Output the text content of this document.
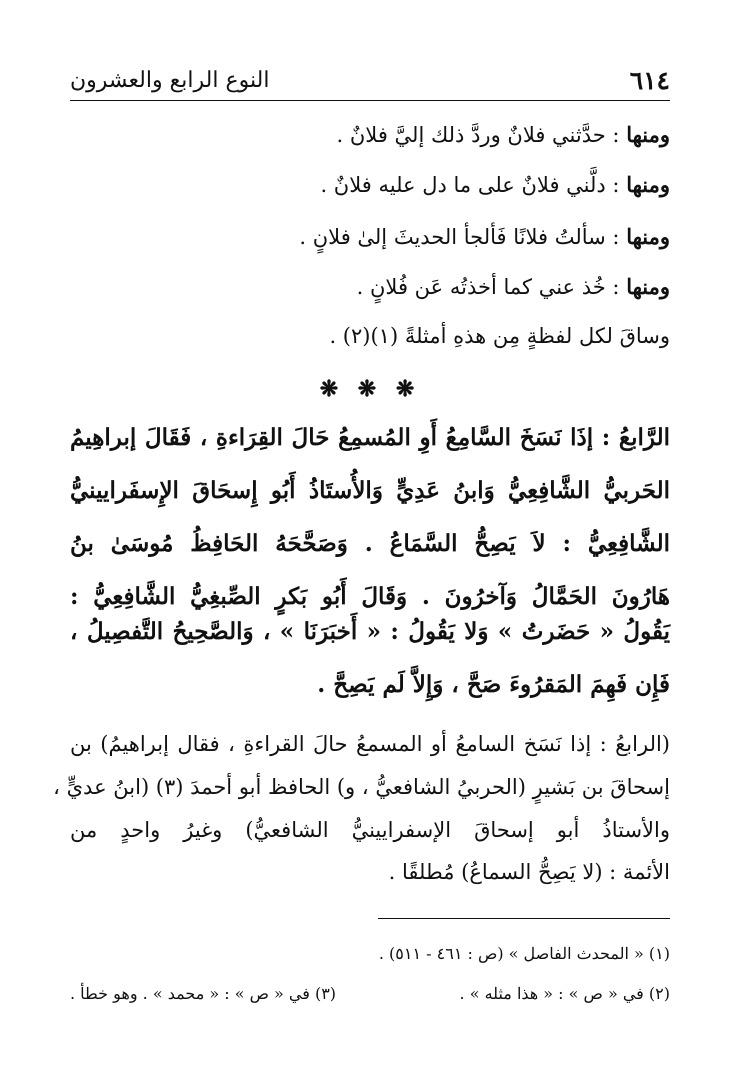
٦١٤
النوع الرابع والعشرون
ومنها : حدَّثني فلانٌ وردَّ ذلك إليَّ فلانٌ .
ومنها : دلَّني فلانٌ على ما دل عليه فلانٌ .
ومنها : سألتُ فلانًا فَألجأ الحديثَ إلىٰ فلانٍ .
ومنها : خُذ عني كما أخذتُه عَن فُلانٍ .
وساقَ لكل لفظةٍ مِن هذهِ أمثلةً (١)(٢) .
❋ ❋ ❋
الرَّابعُ : إذَا نَسَخَ السَّامِعُ أَوِ المُسمِعُ حَالَ القِرَاءةِ ، فَقَالَ إبراهِيمُ
الحَربيُّ الشَّافِعِيُّ وَابنُ عَدِيٍّ وَالأُستَاذُ أَبُو إِسحَاقَ الإِسفَرايينيُّ
الشَّافِعِيُّ : لاَ يَصِحُّ السَّمَاعُ . وَصَحَّحَهُ الحَافِظُ مُوسَىٰ بنُ
هَارُونَ الحَمَّالُ وَآخرُونَ . وَقَالَ أَبُو بَكرٍ الصِّبغِيُّ الشَّافِعِيُّ :
يَقُولُ « حَضَرتُ » وَلا يَقُولُ : « أَخبَرَنَا » ، وَالصَّحِيحُ التَّفصِيلُ ،
فَإِن فَهِمَ المَقرُوءَ صَحَّ ، وَإِلاَّ لَم يَصِحَّ .
(الرابعُ : إذا نَسَخ السامعُ أو المسمعُ حالَ القراءةِ ، فقال إبراهيمُ) بن
إسحاقَ بن بَشيرٍ (الحربيُ الشافعيُّ ، و) الحافظ أبو أحمدَ (٣) (ابنُ عديٍّ ،
والأستاذُ أبو إسحاقَ الإسفرايينيُّ الشافعيُّ) وغيرُ واحدٍ من
الأئمة : (لا يَصِحُّ السماعُ) مُطلقًا .
(١) « المحدث الفاصل » (ص : ٤٦١ - ٥١١) .
(٢) في « ص » : « هذا مثله » .
(٣) في « ص » : « محمد » . وهو خطأ .
